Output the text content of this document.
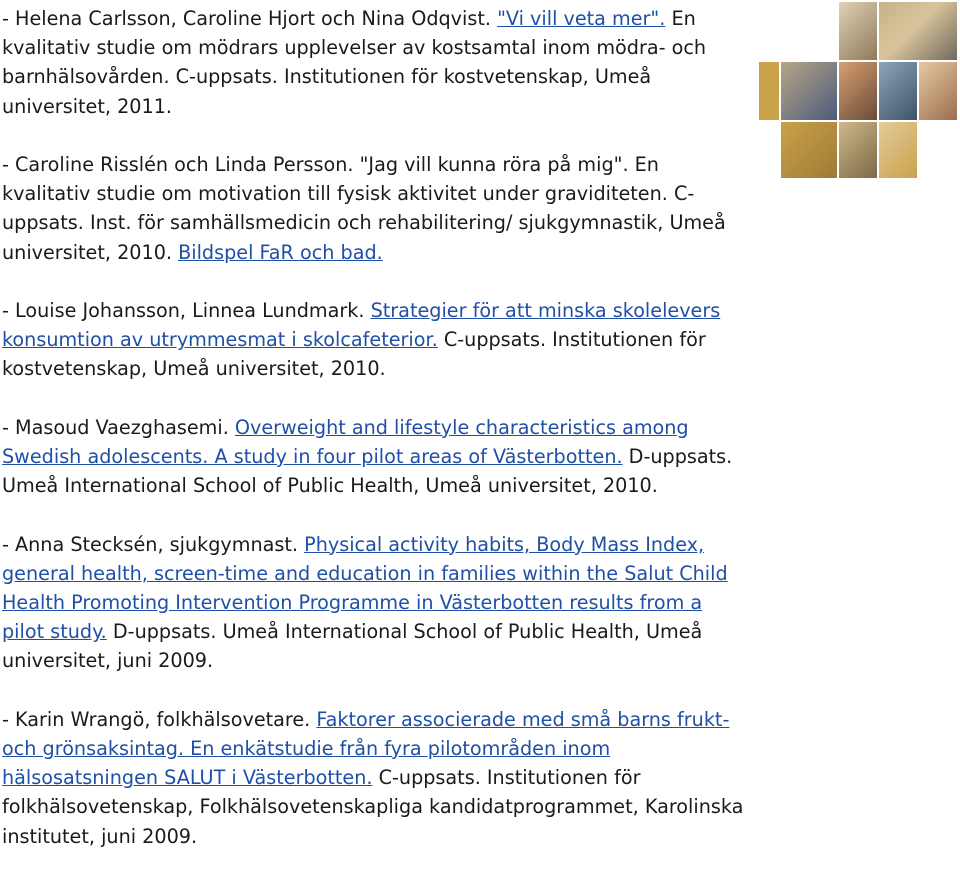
- Helena Carlsson, Caroline Hjort och Nina Odqvist. "Vi vill veta mer". En kvalitativ studie om mödrars upplevelser av kostsamtal inom mödra- och barnhälsovården. C-uppsats. Institutionen för kostvetenskap, Umeå universitet, 2011.

- Caroline Risslén och Linda Persson. "Jag vill kunna röra på mig". En kvalitativ studie om motivation till fysisk aktivitet under graviditeten. C-uppsats. Inst. för samhällsmedicin och rehabilitering/ sjukgymnastik, Umeå universitet, 2010. Bildspel FaR och bad.

- Louise Johansson, Linnea Lundmark. Strategier för att minska skolelevers konsumtion av utrymmesmat i skolcafeterior. C-uppsats. Institutionen för kostvetenskap, Umeå universitet, 2010.

- Masoud Vaezghasemi. Overweight and lifestyle characteristics among Swedish adolescents. A study in four pilot areas of Västerbotten. D-uppsats. Umeå International School of Public Health, Umeå universitet, 2010.

- Anna Stecksén, sjukgymnast. Physical activity habits, Body Mass Index, general health, screen-time and education in families within the Salut Child Health Promoting Intervention Programme in Västerbotten results from a pilot study. D-uppsats. Umeå International School of Public Health, Umeå universitet, juni 2009.

- Karin Wrangö, folkhälsovetare. Faktorer associerade med små barns frukt- och grönsaksintag. En enkätstudie från fyra pilotområden inom hälsosatsningen SALUT i Västerbotten. C-uppsats. Institutionen för folkhälsovetenskap, Folkhälsovetenskapliga kandidatprogrammet, Karolinska institutet, juni 2009.
